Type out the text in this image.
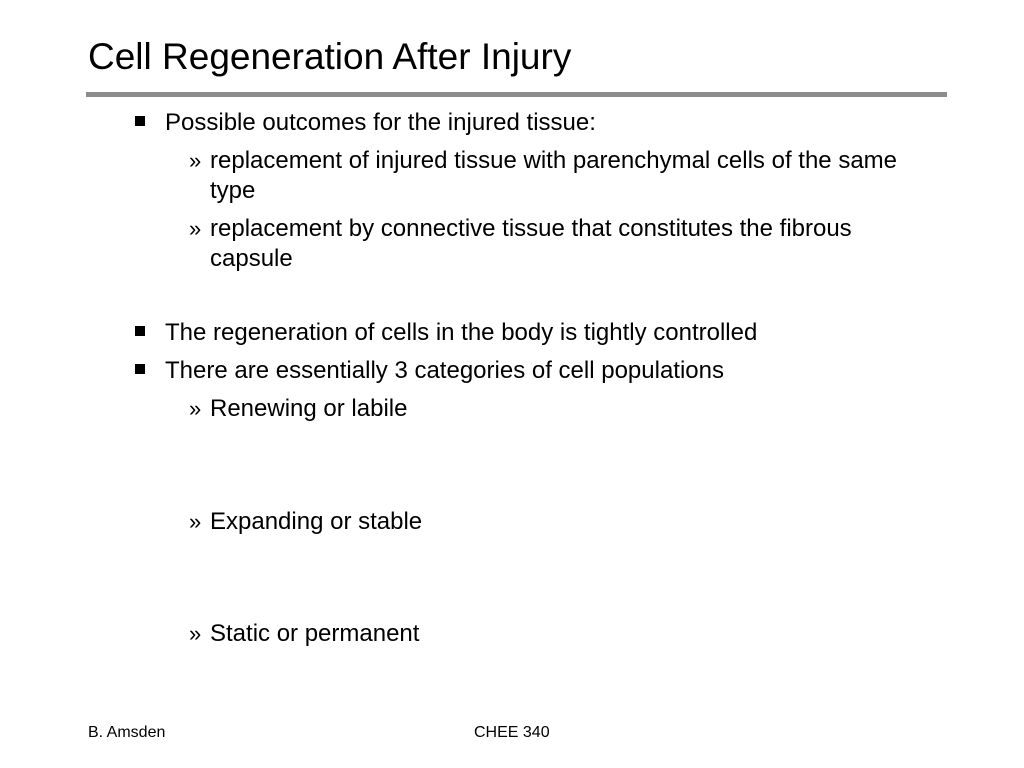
Cell Regeneration After Injury
Possible outcomes for the injured tissue:
» replacement of injured tissue with parenchymal cells of the same type
» replacement by connective tissue that constitutes the fibrous capsule
The regeneration of cells in the body is tightly controlled
There are essentially 3 categories of cell populations
» Renewing or labile
» Expanding or stable
» Static or permanent
B. Amsden	CHEE 340
